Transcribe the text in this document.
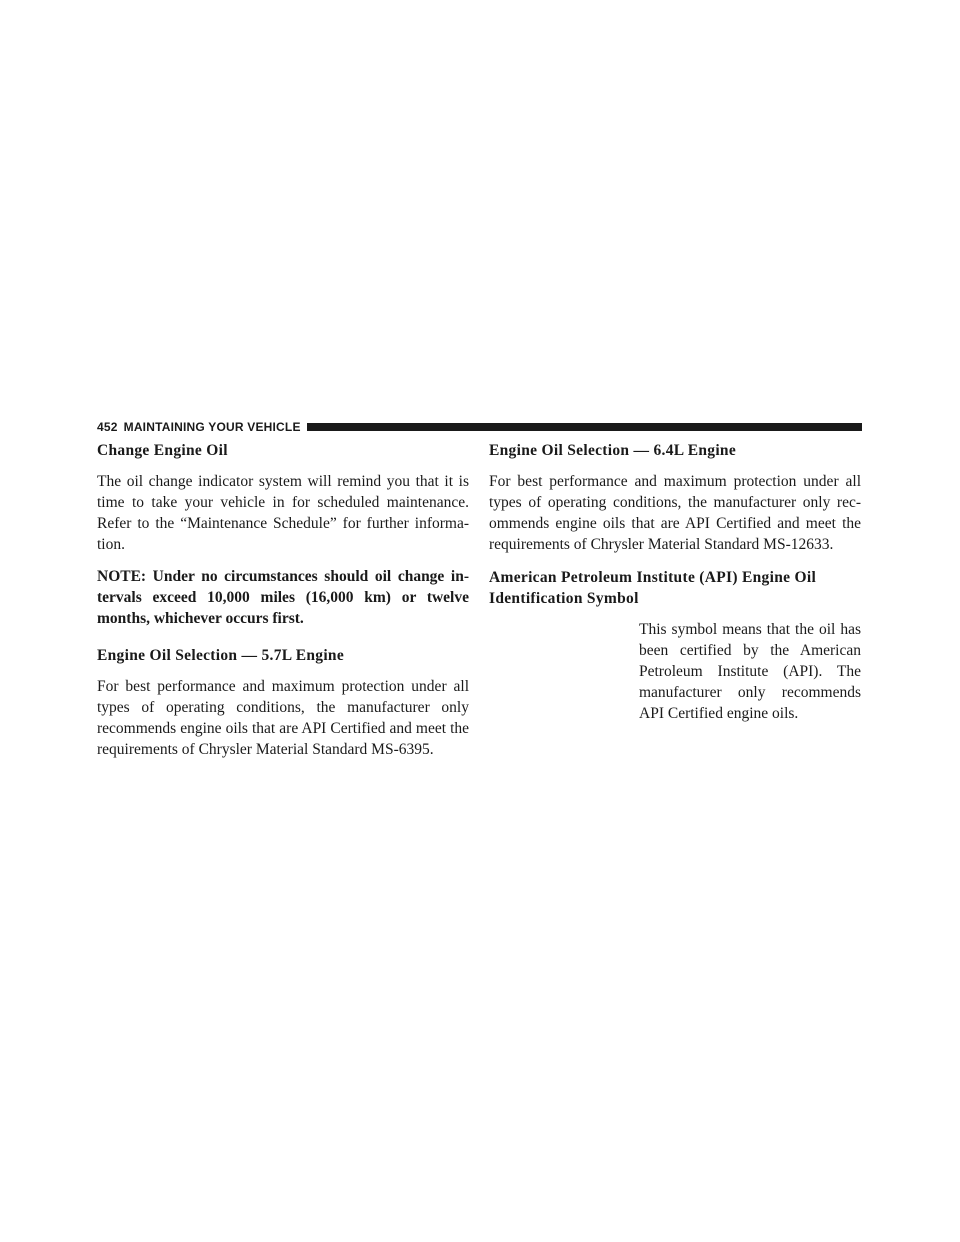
452 MAINTAINING YOUR VEHICLE
Change Engine Oil

The oil change indicator system will remind you that it is time to take your vehicle in for scheduled maintenance. Refer to the “Maintenance Schedule” for further informa- tion.

NOTE: Under no circumstances should oil change in- tervals exceed 10,000 miles (16,000 km) or twelve months, whichever occurs first.

Engine Oil Selection — 5.7L Engine

For best performance and maximum protection under all types of operating conditions, the manufacturer only recommends engine oils that are API Certified and meet the requirements of Chrysler Material Standard MS-6395.

Engine Oil Selection — 6.4L Engine

For best performance and maximum protection under all types of operating conditions, the manufacturer only rec- ommends engine oils that are API Certified and meet the requirements of Chrysler Material Standard MS-12633.

American Petroleum Institute (API) Engine Oil Identification Symbol

This symbol means that the oil has been certified by the American Petroleum Institute (API). The manufacturer only recommends API Certified engine oils.
